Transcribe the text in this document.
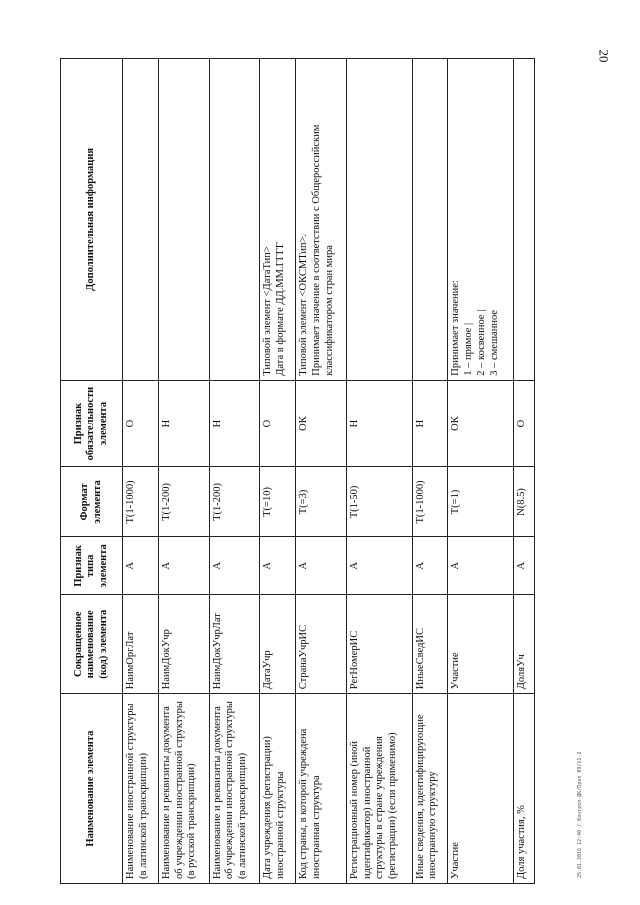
20
Наименование элемента	Сокращенное наименование (код) элемента	Признак типа элемента	Формат элемента	Признак обязательности элемента	Дополнительная информация
Наименование иностранной структуры (в латинской транскрипции)	НаимОргЛат	А	T(1-1000)	О	
Наименование и реквизиты документа об учреждении иностранной структуры (в русской транскрипции)	НаимДокУчр	А	T(1-200)	Н	
Наименование и реквизиты документа об учреждении иностранной структуры (в латинской транскрипции)	НаимДокУчрЛат	А	T(1-200)	Н	
Дата учреждения (регистрации) иностранной структуры	ДатаУчр	А	T(=10)	О	Типовой элемент <ДатаТип>
Дата в формате ДД.ММ.ГГГГ
Код страны, в которой учреждена иностранная структура	СтранаУчрИС	А	T(=3)	ОК	Типовой элемент <ОКСМТип>.
Принимает значение в соответствии с Общероссийским классификатором стран мира
Регистрационный номер (иной идентификатор) иностранной структуры в стране учреждения (регистрации) (если применимо)	РегНомерИС	А	T(1-50)	Н	
Иные сведения, идентифицирующие иностранную структуру	ИныеСведИС	А	T(1-1000)	Н	
Участие	Участие	А	T(=1)	ОК	Принимает значение:
1 – прямое |
2 – косвенное |
3 – смешанное
Доля участия, %	ДоляУч	А	N(8.5)	О	
25.01.2016 12:40 / Контрол-ДК/Прил 09/11-2
